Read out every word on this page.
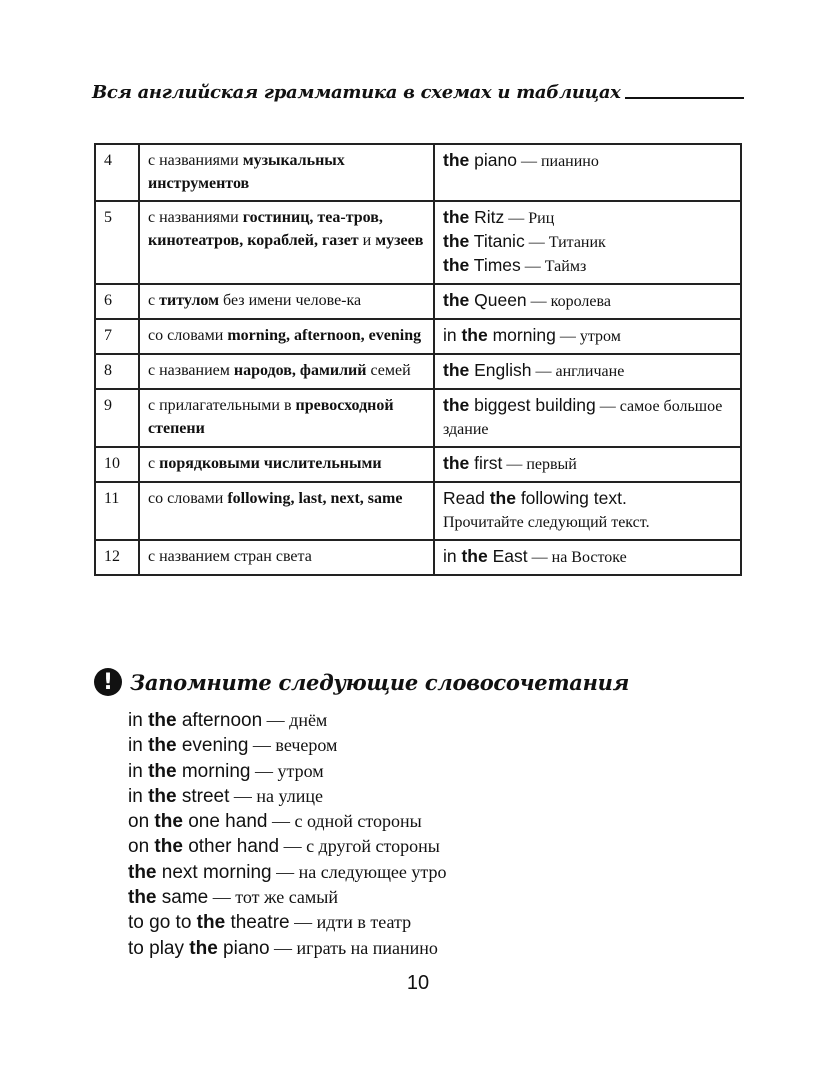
Вся английская грамматика в схемах и таблицах
4	с названиями музыкальных инструментов	the piano — пианино

5	с названиями гостиниц, теа-тров, кинотеатров, кораблей, газет и музеев	the Ritz — Риц
the Titanic — Титаник
the Times — Таймз

6	с титулом без имени челове-ка	the Queen — королева

7	со словами morning, afternoon, evening	in the morning — утром

8	с названием народов, фамилий семей	the English — англичане

9	с прилагательными в превосходной степени	the biggest building — самое большое здание

10	с порядковыми числительными	the first — первый

11	со словами following, last, next, same	Read the following text.
Прочитайте следующий текст.

12	с названием стран света	in the East — на Востоке
! Запомните следующие словосочетания
in the afternoon — днём
in the evening — вечером
in the morning — утром
in the street — на улице
on the one hand — с одной стороны
on the other hand — с другой стороны
the next morning — на следующее утро
the same — тот же самый
to go to the theatre — идти в театр
to play the piano — играть на пианино
10
